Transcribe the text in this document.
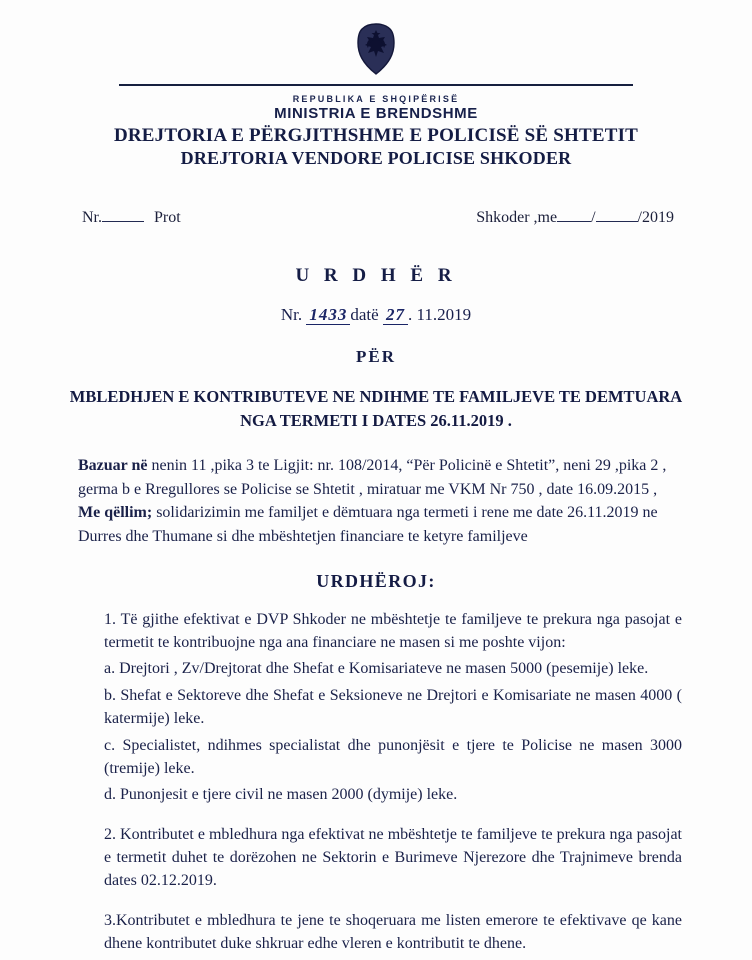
REPUBLIKA E SHQIPËRISË
MINISTRIA E BRENDSHME
DREJTORIA E PËRGJITHSHME E POLICISË SË SHTETIT
DREJTORIA VENDORE POLICISE SHKODER
Nr.	Prot	Shkoder ,me /	/2019
U R D H Ë R
Nr. 1433 datë 27 . 11.2019
PËR
MBLEDHJEN E KONTRIBUTEVE NE NDIHME TE FAMILJEVE TE DEMTUARA
NGA TERMETI I DATES 26.11.2019 .

Bazuar në nenin 11 ,pika 3 te Ligjit: nr. 108/2014, “Për Policinë e Shtetit”, neni 29 ,pika 2 ,

germa b e Rregullores se Policise se Shtetit , miratuar me VKM Nr 750 , date 16.09.2015 ,

Me qëllim; solidarizimin me familjet e dëmtuara nga termeti i rene me date 26.11.2019 ne

Durres dhe Thumane si dhe mbështetjen financiare te ketyre familjeve

URDHËROJ:

1. Të gjithe efektivat e DVP Shkoder ne mbështetje te familjeve te prekura nga pasojat e termetit te kontribuojne nga ana financiare ne masen si me poshte vijon:

a. Drejtori , Zv/Drejtorat dhe Shefat e Komisariateve ne masen 5000 (pesemije) leke.

b. Shefat e Sektoreve dhe Shefat e Seksioneve ne Drejtori e Komisariate ne masen 4000 ( katermije) leke.

c. Specialistet, ndihmes specialistat dhe punonjësit e tjere te Policise ne masen 3000 (tremije) leke.

d. Punonjesit e tjere civil ne masen 2000 (dymije) leke.

2. Kontributet e mbledhura nga efektivat ne mbështetje te familjeve te prekura nga pasojat e termetit duhet te dorëzohen ne Sektorin e Burimeve Njerezore dhe Trajnimeve brenda dates 02.12.2019.

3.Kontributet e mbledhura te jene te shoqeruara me listen emerore te efektivave qe kane dhene kontributet duke shkruar edhe vleren e kontributit te dhene.
